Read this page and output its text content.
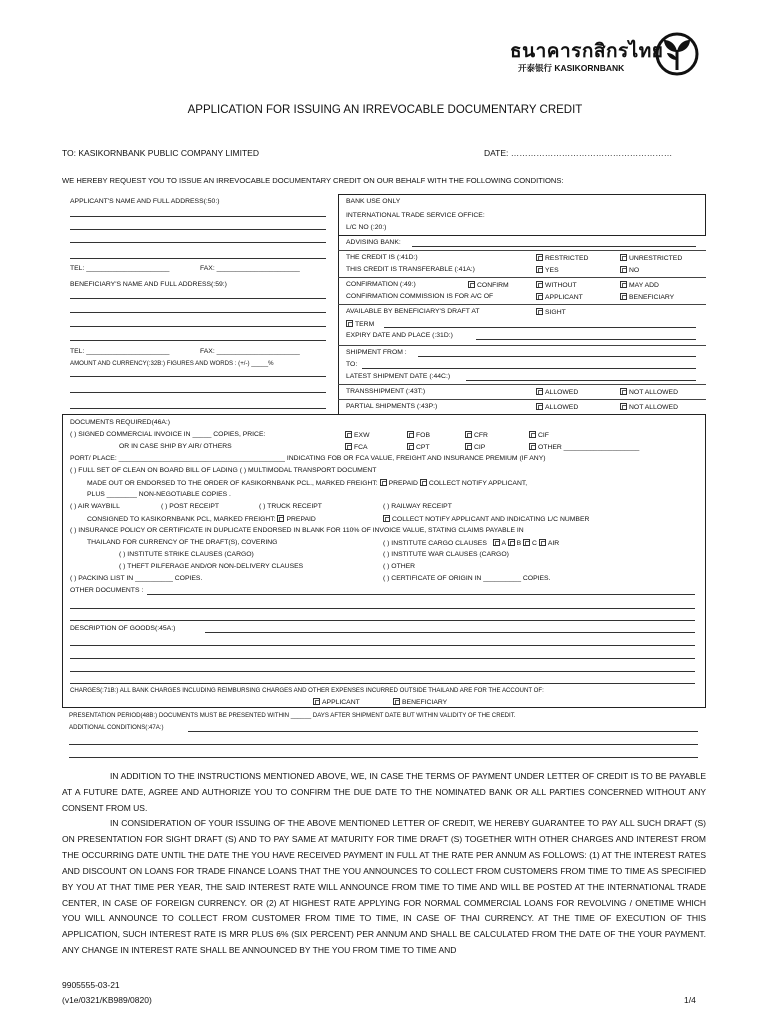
ธนาคารกสิกรไทย
开泰银行 KASIKORNBANK
APPLICATION FOR ISSUING AN IRREVOCABLE DOCUMENTARY CREDIT
TO: KASIKORNBANK PUBLIC COMPANY LIMITED	DATE: …………………………………………………
WE HEREBY REQUEST YOU TO ISSUE AN IRREVOCABLE DOCUMENTARY CREDIT ON OUR BEHALF WITH THE FOLLOWING CONDITIONS:
APPLICANT'S NAME AND FULL ADDRESS(:50:)
TEL: ______________________	FAX: ______________________
BENEFICIARY'S NAME AND FULL ADDRESS(:59:)
TEL: ______________________	FAX: ______________________
AMOUNT AND CURRENCY(:32B:) FIGURES AND WORDS : (+/-) _____%
BANK USE ONLY
INTERNATIONAL TRADE SERVICE OFFICE:
L/C NO (:20:)
ADVISING BANK:
THE CREDIT IS (:41D:)	RESTRICTED	UNRESTRICTED
THIS CREDIT IS TRANSFERABLE (:41A:)	YES	NO
CONFIRMATION (:49:)	CONFIRM	WITHOUT	MAY ADD
CONFIRMATION COMMISSION IS FOR A/C OF	APPLICANT	BENEFICIARY
AVAILABLE BY BENEFICIARY'S DRAFT AT	SIGHT
TERM
EXPIRY DATE AND PLACE (:31D:)
SHIPMENT FROM :
TO:
LATEST SHIPMENT DATE (:44C:)
TRANSSHIPMENT (:43T:)	ALLOWED	NOT ALLOWED
PARTIAL SHIPMENTS (:43P:)	ALLOWED	NOT ALLOWED
DOCUMENTS REQUIRED(46A:)
( ) SIGNED COMMERCIAL INVOICE IN _____ COPIES, PRICE:
OR IN CASE SHIP BY AIR/ OTHERS
EXW	FOB	CFR	CIF
FCA	CPT	CIP	OTHER ____________________
PORT/ PLACE: ____________________________________________ INDICATING FOB OR FCA VALUE, FREIGHT AND INSURANCE PREMIUM (IF ANY)
( ) FULL SET OF CLEAN ON BOARD BILL OF LADING ( ) MULTIMODAL TRANSPORT DOCUMENT
MADE OUT OR ENDORSED TO THE ORDER OF KASIKORNBANK PCL., MARKED FREIGHT: PREPAID COLLECT NOTIFY APPLICANT,
PLUS ________ NON-NEGOTIABLE COPIES .
( ) AIR WAYBILL	( ) POST RECEIPT	( ) TRUCK RECEIPT	( ) RAILWAY RECEIPT
CONSIGNED TO KASIKORNBANK PCL, MARKED FREIGHT: PREPAID	COLLECT NOTIFY APPLICANT AND INDICATING L/C NUMBER
( ) INSURANCE POLICY OR CERTIFICATE IN DUPLICATE ENDORSED IN BLANK FOR 110% OF INVOICE VALUE, STATING CLAIMS PAYABLE IN
THAILAND FOR CURRENCY OF THE DRAFT(S), COVERING	( ) INSTITUTE CARGO CLAUSES A B C AIR
( ) INSTITUTE STRIKE CLAUSES (CARGO)	( ) INSTITUTE WAR CLAUSES (CARGO)
( ) THEFT PILFERAGE AND/OR NON-DELIVERY CLAUSES	( ) OTHER
( ) PACKING LIST IN __________ COPIES.	( ) CERTIFICATE OF ORIGIN IN __________ COPIES.
OTHER DOCUMENTS :
DESCRIPTION OF GOODS(:45A:)
CHARGES(:71B:) ALL BANK CHARGES INCLUDING REIMBURSING CHARGES AND OTHER EXPENSES INCURRED OUTSIDE THAILAND ARE FOR THE ACCOUNT OF:
APPLICANT	BENEFICIARY
PRESENTATION PERIOD(48B:) DOCUMENTS MUST BE PRESENTED WITHIN ______ DAYS AFTER SHIPMENT DATE BUT WITHIN VALIDITY OF THE CREDIT.
ADDITIONAL CONDITIONS(:47A:)
IN ADDITION TO THE INSTRUCTIONS MENTIONED ABOVE, WE, IN CASE THE TERMS OF PAYMENT UNDER LETTER OF CREDIT IS TO BE PAYABLE AT A FUTURE DATE, AGREE AND AUTHORIZE YOU TO CONFIRM THE DUE DATE TO THE NOMINATED BANK OR ALL PARTIES CONCERNED WITHOUT ANY CONSENT FROM US.
IN CONSIDERATION OF YOUR ISSUING OF THE ABOVE MENTIONED LETTER OF CREDIT, WE HEREBY GUARANTEE TO PAY ALL SUCH DRAFT (S) ON PRESENTATION FOR SIGHT DRAFT (S) AND TO PAY SAME AT MATURITY FOR TIME DRAFT (S) TOGETHER WITH OTHER CHARGES AND INTEREST FROM THE OCCURRING DATE UNTIL THE DATE THE YOU HAVE RECEIVED PAYMENT IN FULL AT THE RATE PER ANNUM AS FOLLOWS: (1) AT THE INTEREST RATES AND DISCOUNT ON LOANS FOR TRADE FINANCE LOANS THAT THE YOU ANNOUNCES TO COLLECT FROM CUSTOMERS FROM TIME TO TIME AS SPECIFIED BY YOU AT THAT TIME PER YEAR, THE SAID INTEREST RATE WILL ANNOUNCE FROM TIME TO TIME AND WILL BE POSTED AT THE INTERNATIONAL TRADE CENTER, IN CASE OF FOREIGN CURRENCY. OR (2) AT HIGHEST RATE APPLYING FOR NORMAL COMMERCIAL LOANS FOR REVOLVING / ONETIME WHICH YOU WILL ANNOUNCE TO COLLECT FROM CUSTOMER FROM TIME TO TIME, IN CASE OF THAI CURRENCY. AT THE TIME OF EXECUTION OF THIS APPLICATION, SUCH INTEREST RATE IS MRR PLUS 6% (SIX PERCENT) PER ANNUM AND SHALL BE CALCULATED FROM THE DATE OF THE YOUR PAYMENT. ANY CHANGE IN INTEREST RATE SHALL BE ANNOUNCED BY THE YOU FROM TIME TO TIME AND
9905555-03-21
(v1e/0321/KB989/0820)	1/4
